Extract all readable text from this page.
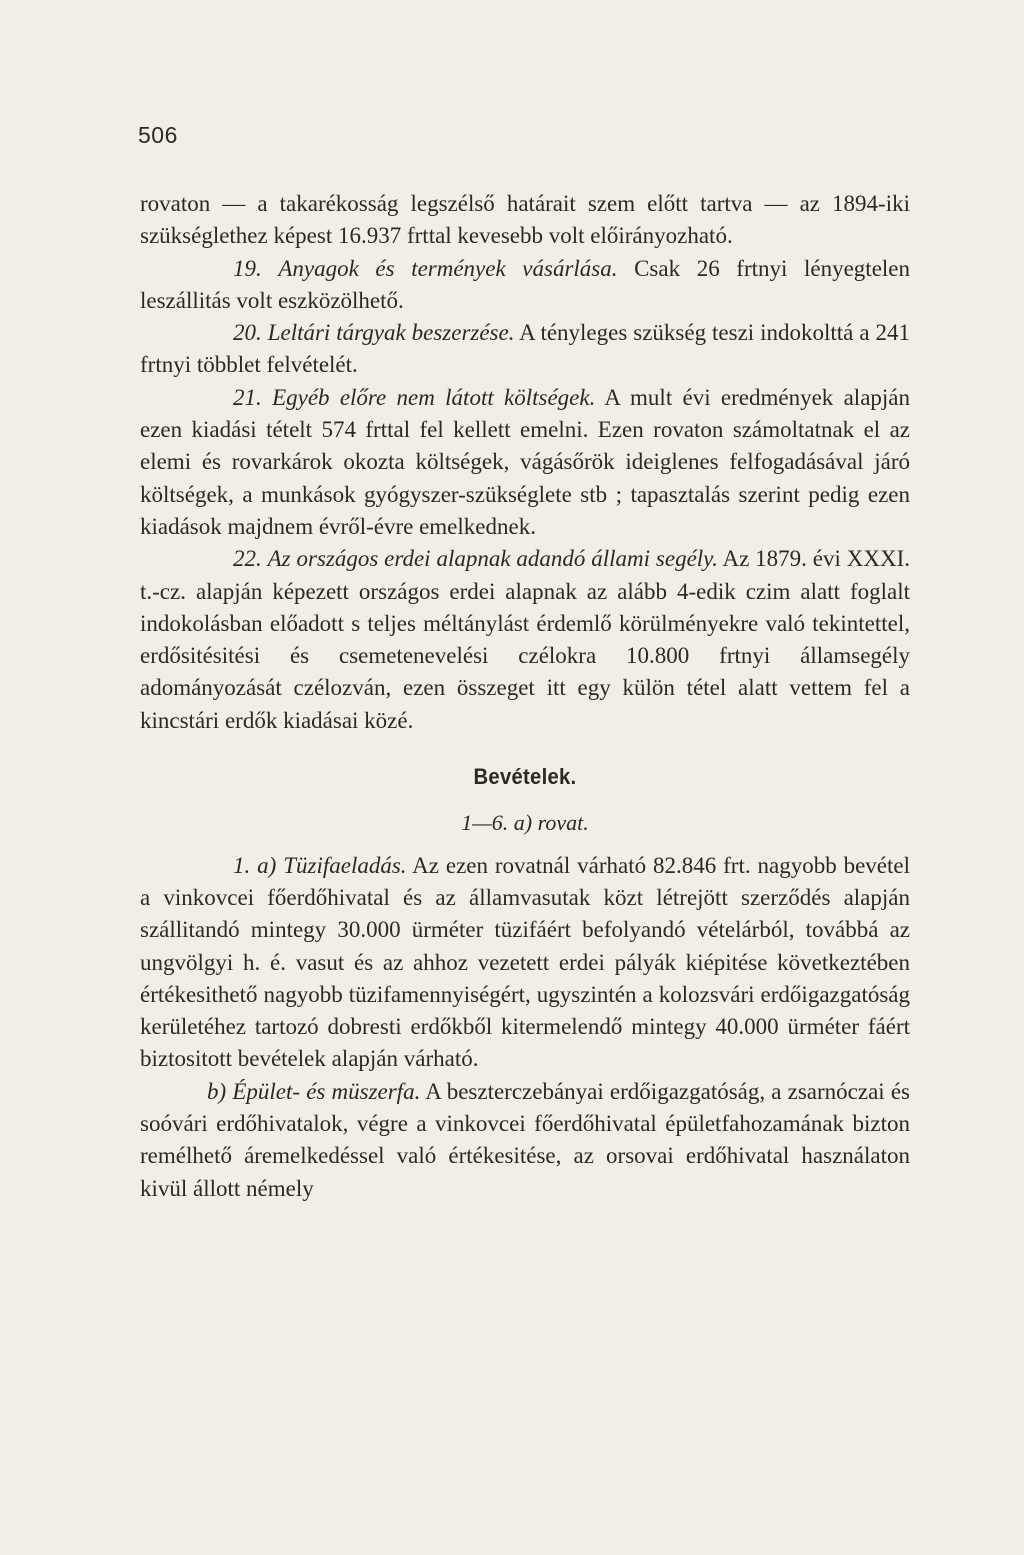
506

rovaton — a takarékosság legszélső határait szem előtt tartva — az 1894-iki szükséglethez képest 16.937 frttal kevesebb volt előirányozható.

19. Anyagok és termények vásárlása. Csak 26 frtnyi lényegtelen leszállitás volt eszközölhető.

20. Leltári tárgyak beszerzése. A tényleges szükség teszi indokolttá a 241 frtnyi többlet felvételét.

21. Egyéb előre nem látott költségek. A mult évi eredmények alapján ezen kiadási tételt 574 frttal fel kellett emelni. Ezen rovaton számoltatnak el az elemi és rovarkárok okozta költségek, vágásőrök ideiglenes felfogadásával járó költségek, a munkások gyógyszer-szükséglete stb ; tapasztalás szerint pedig ezen kiadások majdnem évről-évre emelkednek.

22. Az országos erdei alapnak adandó állami segély. Az 1879. évi XXXI. t.-cz. alapján képezett országos erdei alapnak az alább 4-edik czim alatt foglalt indokolásban előadott s teljes méltánylást érdemlő körülményekre való tekintettel, erdősitésitési és csemetenevelési czélokra 10.800 frtnyi államsegély adományozását czélozván, ezen összeget itt egy külön tétel alatt vettem fel a kincstári erdők kiadásai közé.

Bevételek.
1—6. a) rovat.

1. a) Tüzifaeladás. Az ezen rovatnál várható 82.846 frt. nagyobb bevétel a vinkovcei főerdőhivatal és az államvasutak közt létrejött szerződés alapján szállitandó mintegy 30.000 ürméter tüzifáért befolyandó vételárból, továbbá az ungvölgyi h. é. vasut és az ahhoz vezetett erdei pályák kiépitése következtében értékesithető nagyobb tüzifamennyiségért, ugyszintén a kolozsvári erdőigazgatóság kerületéhez tartozó dobresti erdőkből kitermelendő mintegy 40.000 ürméter fáért biztositott bevételek alapján várható.

b) Épület- és müszerfa. A beszterczebányai erdőigazgatóság, a zsarnóczai és soóvári erdőhivatalok, végre a vinkovcei főerdőhivatal épületfahozamának bizton remélhető áremelkedéssel való értékesitése, az orsovai erdőhivatal használaton kivül állott némely
